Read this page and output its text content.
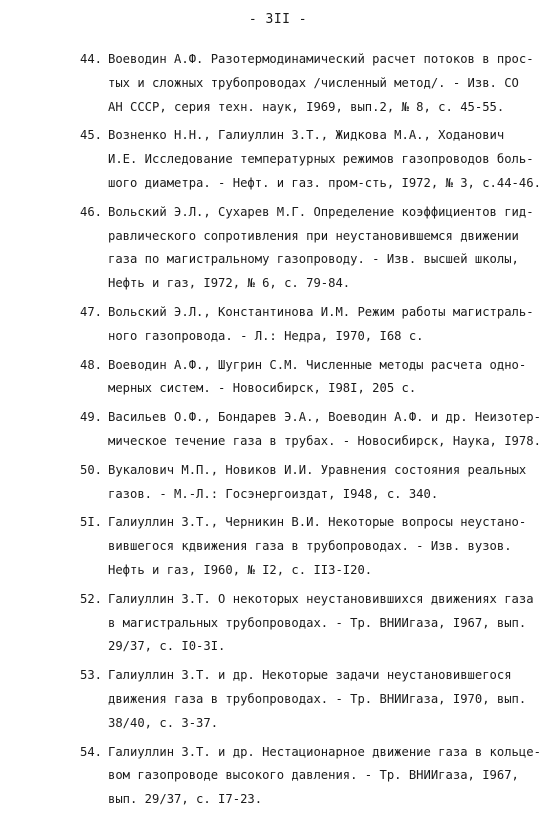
- 3II -
44. Воеводин А.Ф. Разотермодинамический расчет потоков в прос-
тых и сложных трубопроводах /численный метод/. - Изв. СО
АН СССР, серия техн. наук, I969, вып.2, № 8, с. 45-55.
45. Возненко Н.Н., Галиуллин З.Т., Жидкова М.А., Ходанович
И.Е. Исследование температурных режимов газопроводов боль-
шого диаметра. - Нефт. и газ. пром-сть, I972, № 3, с.44-46.
46. Вольский Э.Л., Сухарев М.Г. Определение коэффициентов гид-
равлического сопротивления при неустановившемся движении
газа по магистральному газопроводу. - Изв. высшей школы,
Нефть и газ, I972, № 6, с. 79-84.
47. Вольский Э.Л., Константинова И.М. Режим работы магистраль-
ного газопровода. - Л.: Недра, I970, I68 с.
48. Воеводин А.Ф., Шугрин С.М. Численные методы расчета одно-
мерных систем. - Новосибирск, I98I, 205 с.
49. Васильев О.Ф., Бондарев Э.А., Воеводин А.Ф. и др. Неизотер-
мическое течение газа в трубах. - Новосибирск, Наука, I978.
50. Вукалович М.П., Новиков И.И. Уравнения состояния реальных
газов. - М.-Л.: Госэнергоиздат, I948, с. 340.
5I. Галиуллин З.Т., Черникин В.И. Некоторые вопросы неустано-
вившегося кдвижения газа в трубопроводах. - Изв. вузов.
Нефть и газ, I960, № I2, с. II3-I20.
52. Галиуллин З.Т. О некоторых неустановившихся движениях газа
в магистральных трубопроводах. - Тр. ВНИИгаза, I967, вып.
29/37, с. I0-3I.
53. Галиуллин З.Т. и др. Некоторые задачи неустановившегося
движения газа в трубопроводах. - Тр. ВНИИгаза, I970, вып.
38/40, с. 3-37.
54. Галиуллин З.Т. и др. Нестационарное движение газа в кольце-
вом газопроводе высокого давления. - Тр. ВНИИгаза, I967,
вып. 29/37, с. I7-23.
